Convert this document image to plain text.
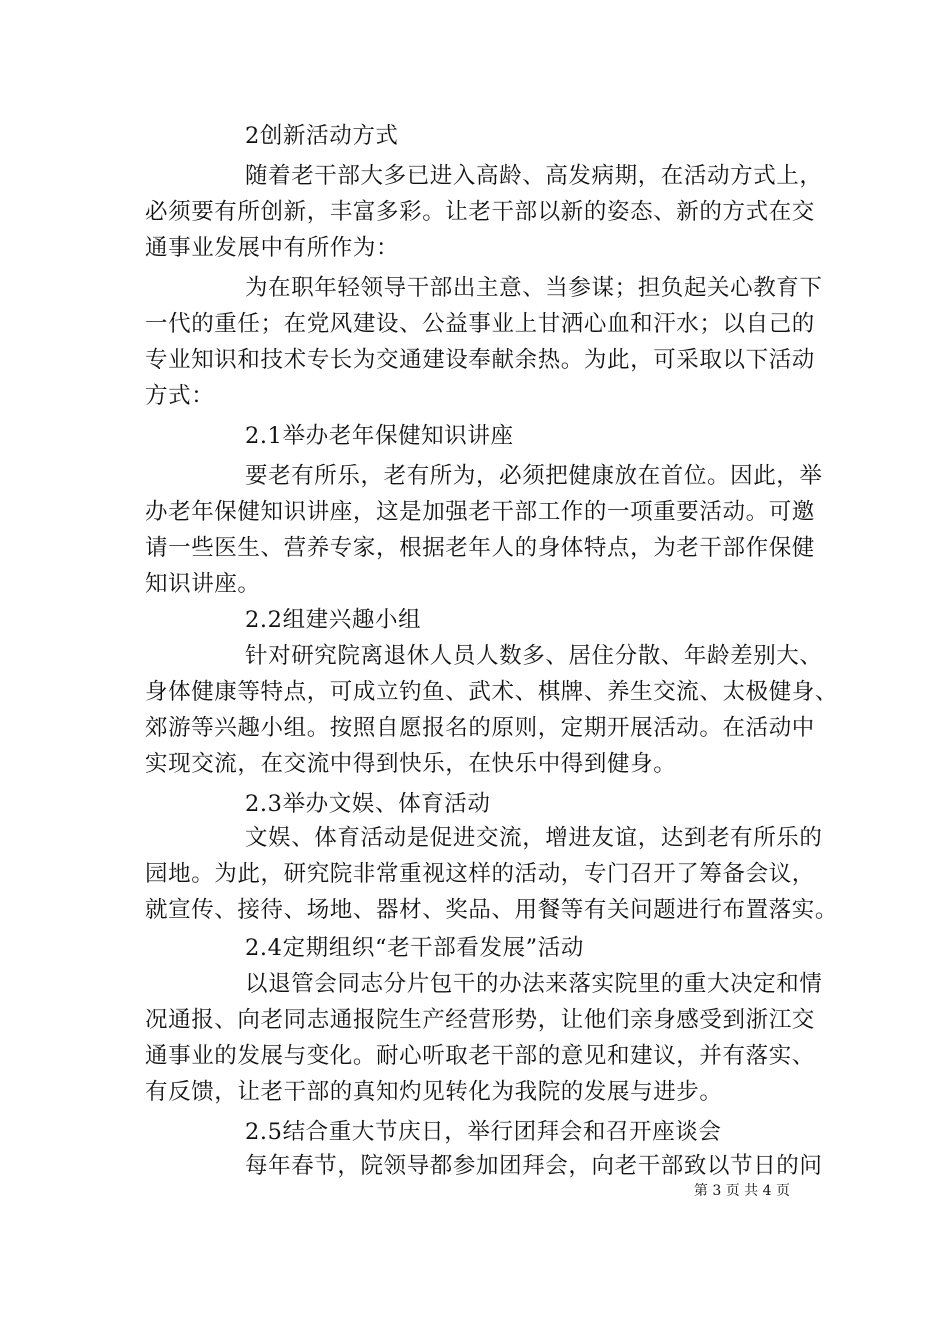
2创新活动方式
随着老干部大多已进入高龄、高发病期，在活动方式上，
必须要有所创新，丰富多彩。让老干部以新的姿态、新的方式在交
通事业发展中有所作为：
为在职年轻领导干部出主意、当参谋；担负起关心教育下
一代的重任；在党风建设、公益事业上甘洒心血和汗水；以自己的
专业知识和技术专长为交通建设奉献余热。为此，可采取以下活动
方式：
2.1举办老年保健知识讲座
要老有所乐，老有所为，必须把健康放在首位。因此，举
办老年保健知识讲座，这是加强老干部工作的一项重要活动。可邀
请一些医生、营养专家，根据老年人的身体特点，为老干部作保健
知识讲座。
2.2组建兴趣小组
针对研究院离退休人员人数多、居住分散、年龄差别大、
身体健康等特点，可成立钓鱼、武术、棋牌、养生交流、太极健身、
郊游等兴趣小组。按照自愿报名的原则，定期开展活动。在活动中
实现交流，在交流中得到快乐，在快乐中得到健身。
2.3举办文娱、体育活动
文娱、体育活动是促进交流，增进友谊，达到老有所乐的
园地。为此，研究院非常重视这样的活动，专门召开了筹备会议，
就宣传、接待、场地、器材、奖品、用餐等有关问题进行布置落实。
2.4定期组织“老干部看发展”活动
以退管会同志分片包干的办法来落实院里的重大决定和情
况通报、向老同志通报院生产经营形势，让他们亲身感受到浙江交
通事业的发展与变化。耐心听取老干部的意见和建议，并有落实、
有反馈，让老干部的真知灼见转化为我院的发展与进步。
2.5结合重大节庆日，举行团拜会和召开座谈会
每年春节，院领导都参加团拜会，向老干部致以节日的问
第 3 页 共 4 页
